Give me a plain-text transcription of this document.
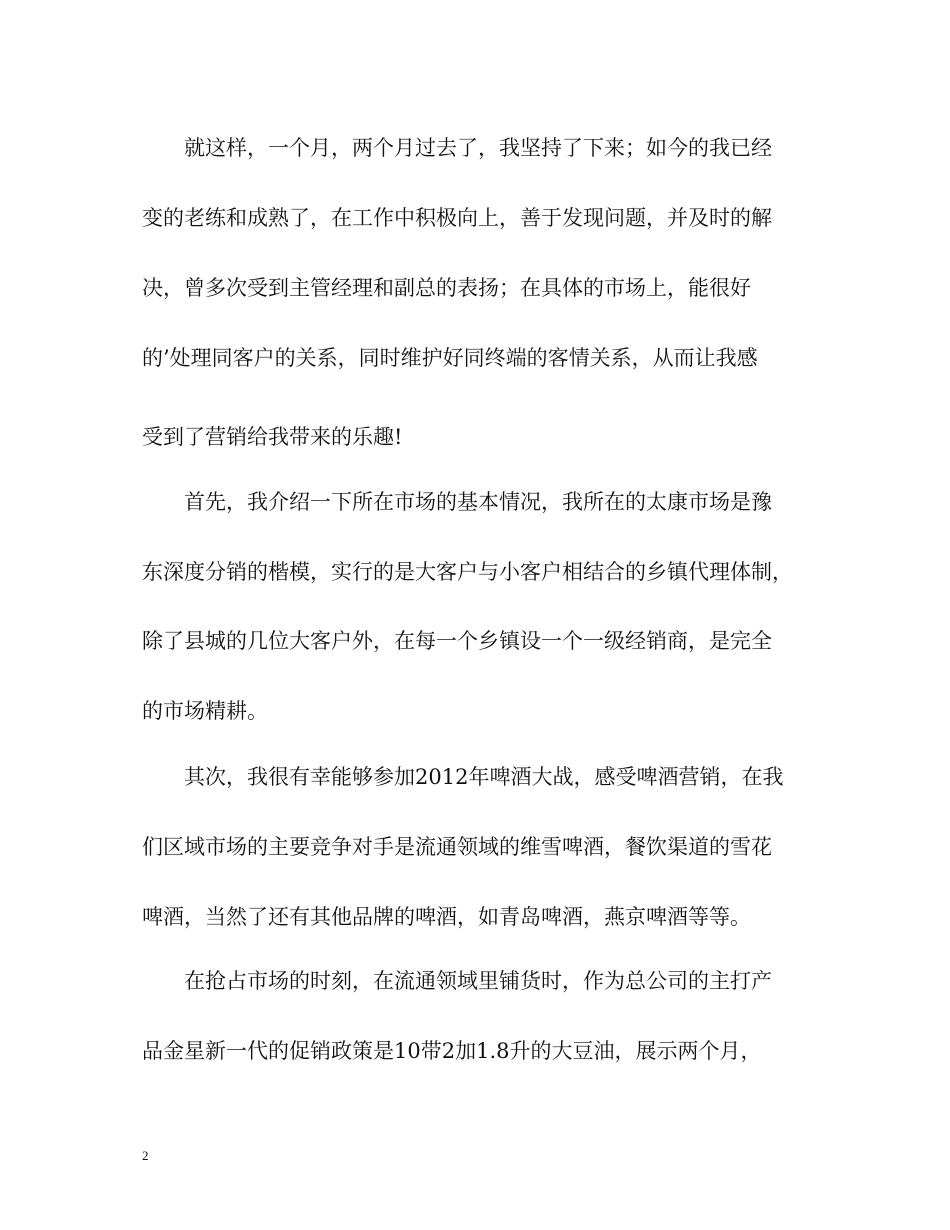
就这样，一个月，两个月过去了，我坚持了下来；如今的我已经
变的老练和成熟了，在工作中积极向上，善于发现问题，并及时的解
决，曾多次受到主管经理和副总的表扬；在具体的市场上，能很好
的’处理同客户的关系，同时维护好同终端的客情关系，从而让我感
受到了营销给我带来的乐趣!
首先，我介绍一下所在市场的基本情况，我所在的太康市场是豫
东深度分销的楷模，实行的是大客户与小客户相结合的乡镇代理体制，
除了县城的几位大客户外，在每一个乡镇设一个一级经销商，是完全
的市场精耕。
其次，我很有幸能够参加2012年啤酒大战，感受啤酒营销，在我
们区域市场的主要竞争对手是流通领域的维雪啤酒，餐饮渠道的雪花
啤酒，当然了还有其他品牌的啤酒，如青岛啤酒，燕京啤酒等等。
在抢占市场的时刻，在流通领域里铺货时，作为总公司的主打产
品金星新一代的促销政策是10带2加1.8升的大豆油，展示两个月，
2
